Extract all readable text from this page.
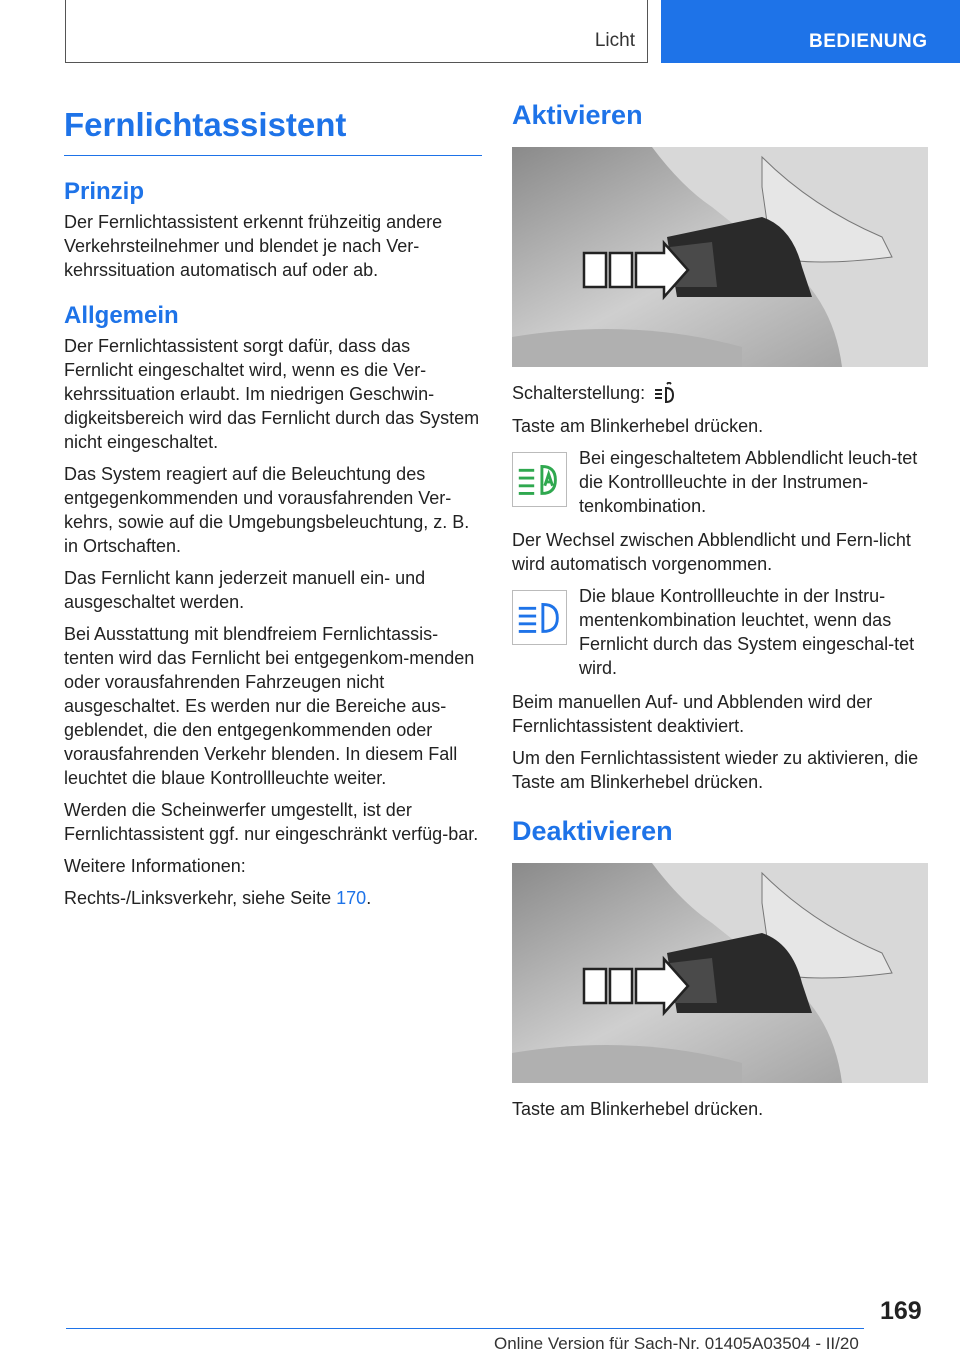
Licht	BEDIENUNG
Fernlichtassistent
Prinzip

Der Fernlichtassistent erkennt frühzeitig andere Verkehrsteilnehmer und blendet je nach Ver-kehrssituation automatisch auf oder ab.

Allgemein

Der Fernlichtassistent sorgt dafür, dass das Fernlicht eingeschaltet wird, wenn es die Ver-kehrssituation erlaubt. Im niedrigen Geschwin-digkeitsbereich wird das Fernlicht durch das System nicht eingeschaltet.

Das System reagiert auf die Beleuchtung des entgegenkommenden und vorausfahrenden Ver-kehrs, sowie auf die Umgebungsbeleuchtung, z. B. in Ortschaften.

Das Fernlicht kann jederzeit manuell ein- und ausgeschaltet werden.

Bei Ausstattung mit blendfreiem Fernlichtassis-tenten wird das Fernlicht bei entgegenkom-menden oder vorausfahrenden Fahrzeugen nicht ausgeschaltet. Es werden nur die Bereiche aus-geblendet, die den entgegenkommenden oder vorausfahrenden Verkehr blenden. In diesem Fall leuchtet die blaue Kontrollleuchte weiter.

Werden die Scheinwerfer umgestellt, ist der Fernlichtassistent ggf. nur eingeschränkt verfüg-bar.

Weitere Informationen:

Rechts-/Linksverkehr, siehe Seite 170.

Aktivieren

Schalterstellung:

Taste am Blinkerhebel drücken.

Bei eingeschaltetem Abblendlicht leuch-tet die Kontrollleuchte in der Instrumen-tenkombination.

Der Wechsel zwischen Abblendlicht und Fern-licht wird automatisch vorgenommen.

Die blaue Kontrollleuchte in der Instru-mentenkombination leuchtet, wenn das Fernlicht durch das System eingeschal-tet wird.

Beim manuellen Auf- und Abblenden wird der Fernlichtassistent deaktiviert.

Um den Fernlichtassistent wieder zu aktivieren, die Taste am Blinkerhebel drücken.

Deaktivieren

Taste am Blinkerhebel drücken.

169
Online Version für Sach-Nr. 01405A03504 - II/20
